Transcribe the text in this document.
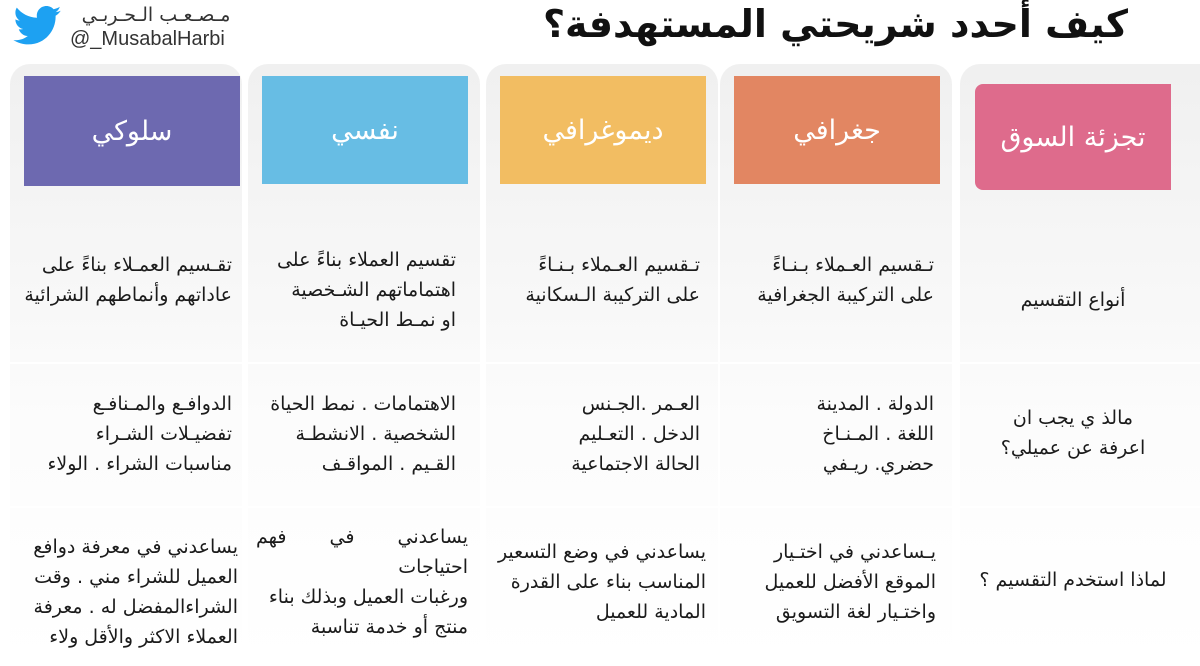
كيف أحدد شريحتي المستهدفة؟
مـصـعـب الـحـربـي
@_MusabalHarbi
تجزئة السوق
جغرافي
ديموغرافي
نفسي
سلوكي
أنواع التقسيم
تـقسيم العـملاء بـنـاءً
على التركيبة الجغرافية
تـقسيم العـملاء بـنـاءً
على التركيبة الـسكانية
تقسيم العملاء بناءً على
اهتماماتهم الشـخصية
او نمـط الحيـاة
تقـسيم العمـلاء بناءً على
عاداتهم وأنماطهم الشرائية
مالذ ي يجب ان
اعرفة عن عميلي؟
الدولة . المدينة
اللغة . المـنـاخ
حضري. ريـفي
العـمر .الجـنس
الدخل . التعـليم
الحالة الاجتماعية
الاهتمامات . نمط الحياة
الشخصية . الانشطـة
القـيم . المواقـف
الدوافـع والمـنافـع
تفضيـلات الشـراء
مناسبات الشراء . الولاء
لماذا استخدم التقسيم ؟
يـساعدني في اختـيار
الموقع الأفضل للعميل
واختـيار لغة التسويق
يساعدني في وضع التسعير
المناسب بناء على القدرة
المادية للعميل
يساعدني في فهم احتياجات
ورغبات العميل وبذلك بناء
منتج أو خدمة تناسبة
يساعدني في معرفة دوافع
العميل للشراء مني . وقت
الشراءالمفضل له . معرفة
العملاء الاكثر والأقل ولاء
